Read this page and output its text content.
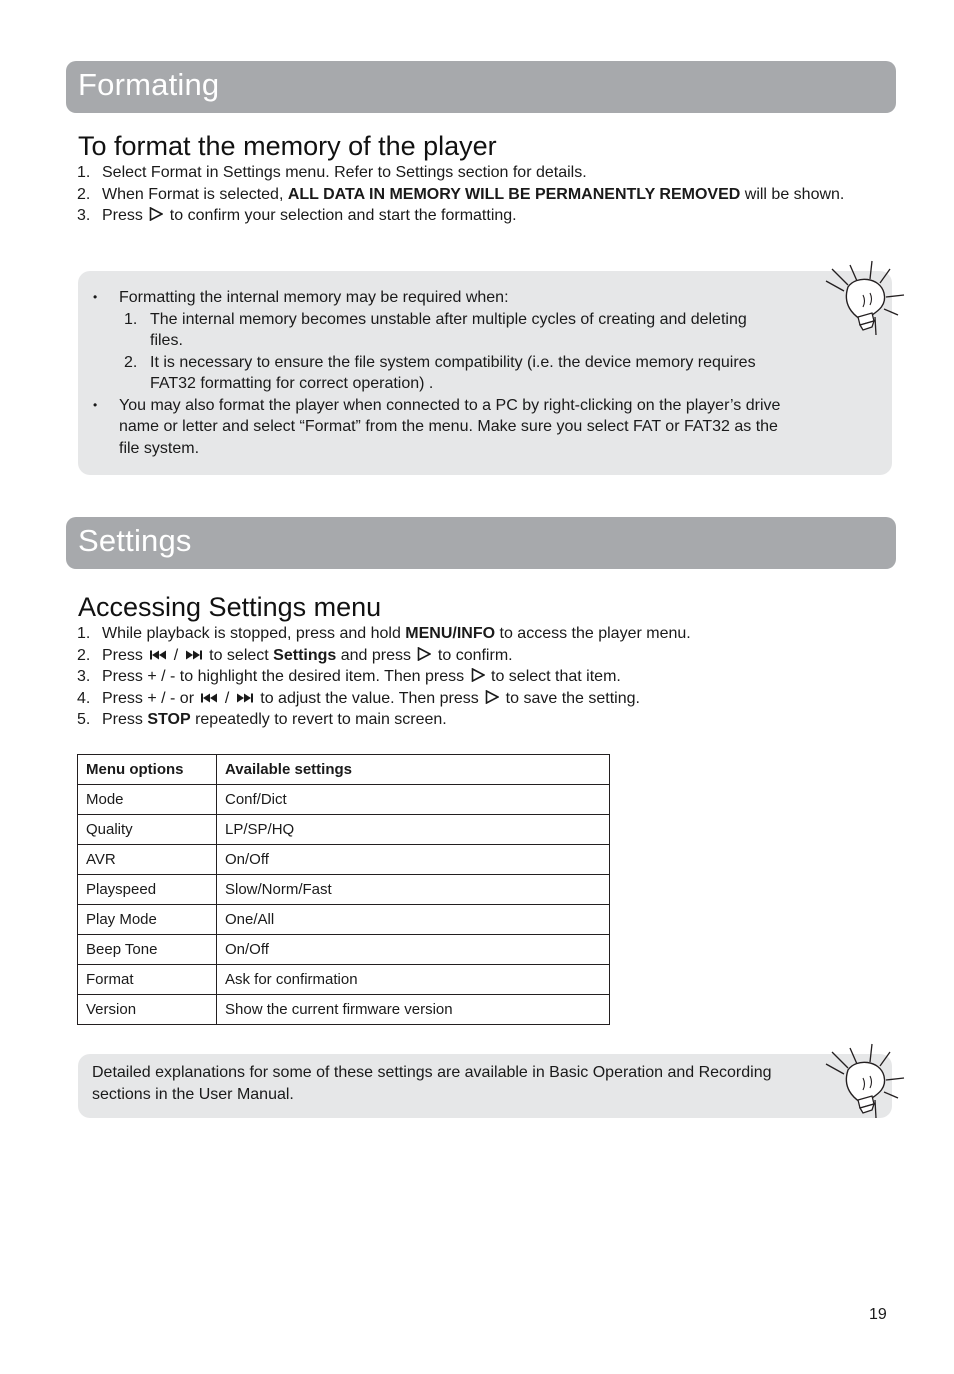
Formating
To format the memory of the player
1. Select Format in Settings menu. Refer to Settings section for details.
2. When Format is selected, ALL DATA IN MEMORY WILL BE PERMANENTLY REMOVED will be shown.
3. Press  to confirm your selection and start the formatting.
• Formatting the internal memory may be required when:
1. The internal memory becomes unstable after multiple cycles of creating and deleting
files.
2. It is necessary to ensure the file system compatibility (i.e. the device memory requires
FAT32 formatting for correct operation) .
• You may also format the player when connected to a PC by right-clicking on the player’s drive
name or letter and select “Format” from the menu. Make sure you select FAT or FAT32 as the
file system.
Settings
Accessing Settings menu
1. While playback is stopped, press and hold MENU/INFO to access the player menu.
2. Press  /  to select Settings and press  to confirm.
3. Press + / - to highlight the desired item. Then press  to select that item.
4. Press + / - or  /  to adjust the value. Then press  to save the setting.
5. Press STOP repeatedly to revert to main screen.
Menu options	Available settings
Mode	Conf/Dict
Quality	LP/SP/HQ
AVR	On/Off
Playspeed	Slow/Norm/Fast
Play Mode	One/All
Beep Tone	On/Off
Format	Ask for confirmation
Version	Show the current firmware version
Detailed explanations for some of these settings are available in Basic Operation and Recording
sections in the User Manual.
19
